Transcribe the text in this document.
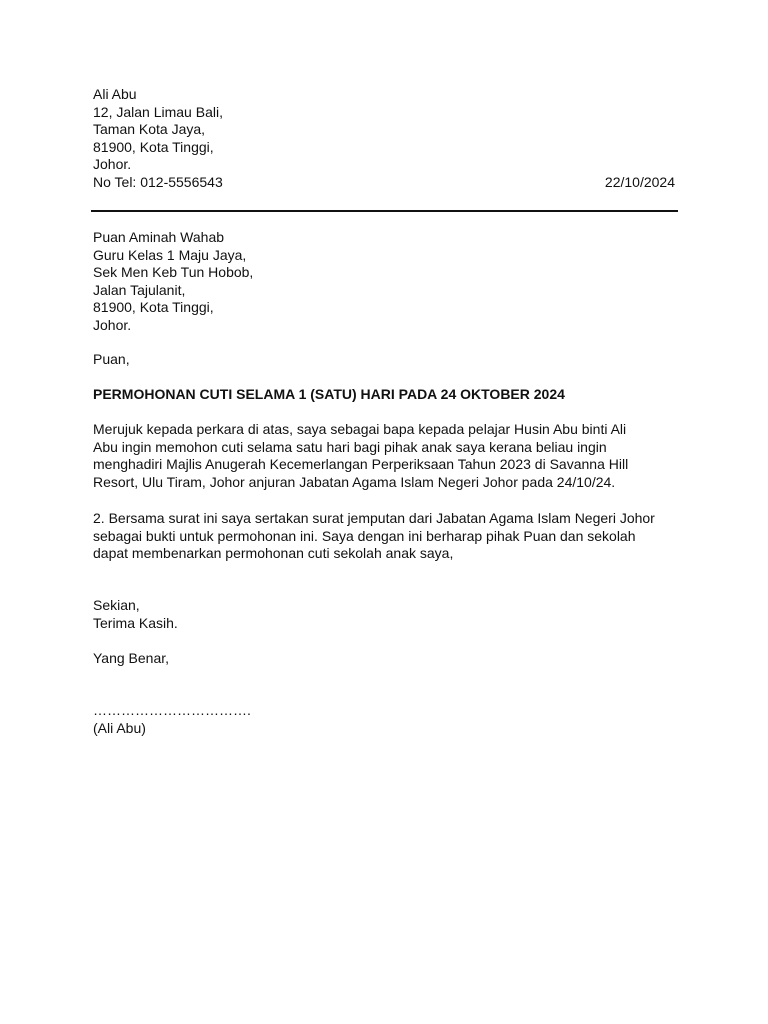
Ali Abu
12, Jalan Limau Bali,
Taman Kota Jaya,
81900, Kota Tinggi,
Johor.
No Tel: 012-5556543	22/10/2024
Puan Aminah Wahab
Guru Kelas 1 Maju Jaya,
Sek Men Keb Tun Hobob,
Jalan Tajulanit,
81900, Kota Tinggi,
Johor.
Puan,
PERMOHONAN CUTI SELAMA 1 (SATU) HARI PADA 24 OKTOBER 2024
Merujuk kepada perkara di atas, saya sebagai bapa kepada pelajar Husin Abu binti Ali
Abu ingin memohon cuti selama satu hari bagi pihak anak saya kerana beliau ingin
menghadiri Majlis Anugerah Kecemerlangan Perperiksaan Tahun 2023 di Savanna Hill
Resort, Ulu Tiram, Johor anjuran Jabatan Agama Islam Negeri Johor pada 24/10/24.
2. Bersama surat ini saya sertakan surat jemputan dari Jabatan Agama Islam Negeri Johor
sebagai bukti untuk permohonan ini. Saya dengan ini berharap pihak Puan dan sekolah
dapat membenarkan permohonan cuti sekolah anak saya,
Sekian,
Terima Kasih.
Yang Benar,
…………………………….
(Ali Abu)
